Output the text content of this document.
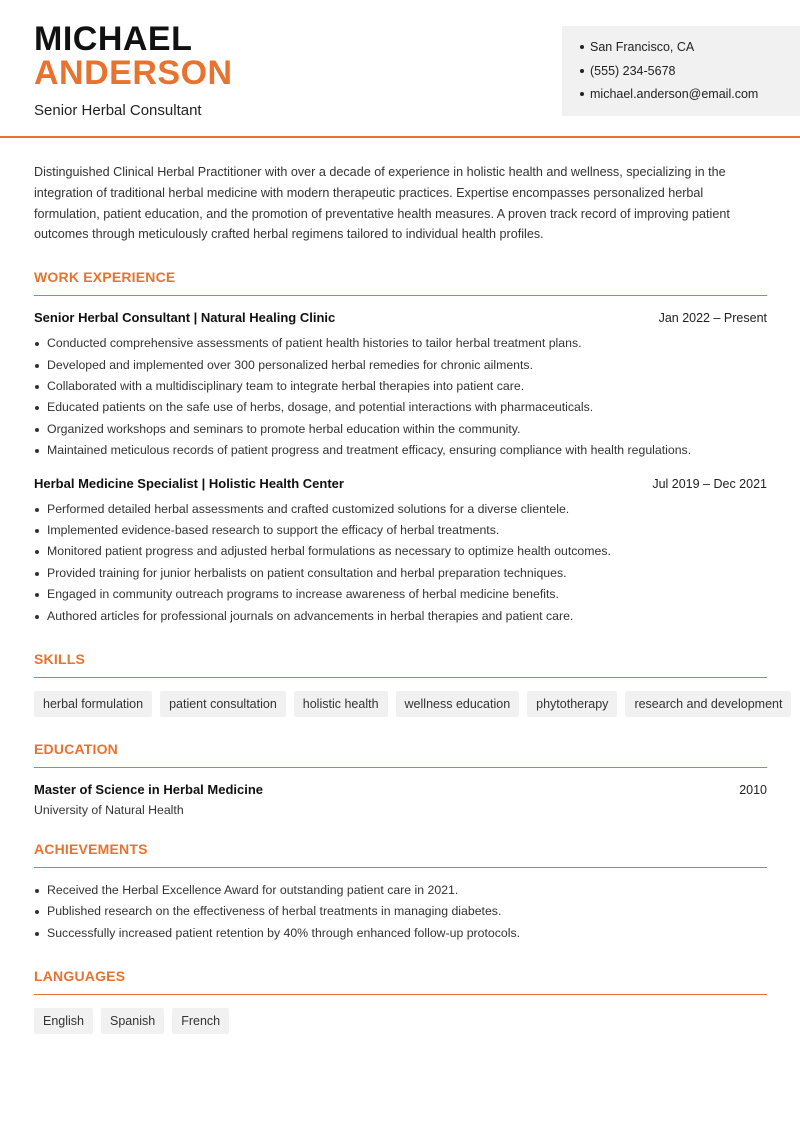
MICHAEL
ANDERSON
Senior Herbal Consultant
San Francisco, CA
(555) 234-5678
michael.anderson@email.com

Distinguished Clinical Herbal Practitioner with over a decade of experience in holistic health and wellness, specializing in the integration of traditional herbal medicine with modern therapeutic practices. Expertise encompasses personalized herbal formulation, patient education, and the promotion of preventative health measures. A proven track record of improving patient outcomes through meticulously crafted herbal regimens tailored to individual health profiles.

WORK EXPERIENCE
Senior Herbal Consultant | Natural Healing Clinic	Jan 2022 – Present
Conducted comprehensive assessments of patient health histories to tailor herbal treatment plans.
Developed and implemented over 300 personalized herbal remedies for chronic ailments.
Collaborated with a multidisciplinary team to integrate herbal therapies into patient care.
Educated patients on the safe use of herbs, dosage, and potential interactions with pharmaceuticals.
Organized workshops and seminars to promote herbal education within the community.
Maintained meticulous records of patient progress and treatment efficacy, ensuring compliance with health regulations.
Herbal Medicine Specialist | Holistic Health Center	Jul 2019 – Dec 2021
Performed detailed herbal assessments and crafted customized solutions for a diverse clientele.
Implemented evidence-based research to support the efficacy of herbal treatments.
Monitored patient progress and adjusted herbal formulations as necessary to optimize health outcomes.
Provided training for junior herbalists on patient consultation and herbal preparation techniques.
Engaged in community outreach programs to increase awareness of herbal medicine benefits.
Authored articles for professional journals on advancements in herbal therapies and patient care.
SKILLS
herbal formulation	patient consultation	holistic health	wellness education	phytotherapy	research and development
EDUCATION
Master of Science in Herbal Medicine	2010
University of Natural Health
ACHIEVEMENTS
Received the Herbal Excellence Award for outstanding patient care in 2021.
Published research on the effectiveness of herbal treatments in managing diabetes.
Successfully increased patient retention by 40% through enhanced follow-up protocols.
LANGUAGES
English	Spanish	French
